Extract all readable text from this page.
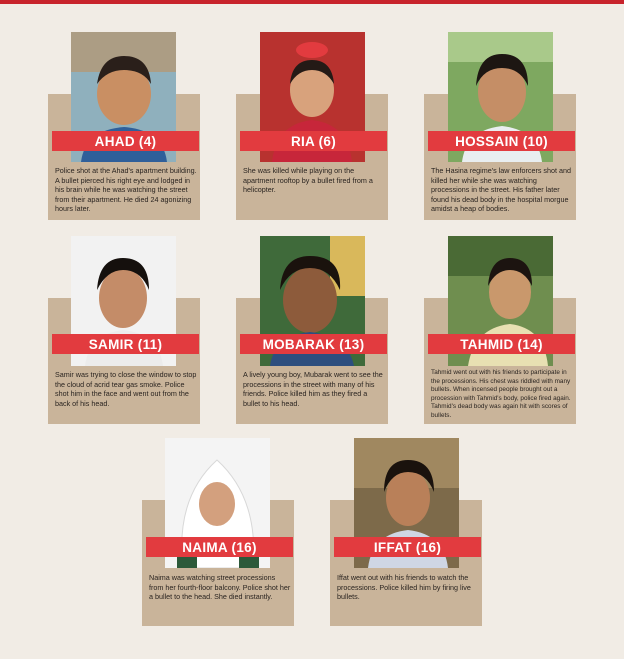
AHAD (4)
Police shot at the Ahad's apartment building. A bullet pierced his right eye and lodged in his brain while he was watching the street from their apartment. He died 24 agonizing hours later.
RIA (6)
She was killed while playing on the apartment rooftop by a bullet fired from a helicopter.
HOSSAIN (10)
The Hasina regime's law enforcers shot and killed her while she was watching processions in the street. His father later found his dead body in the hospital morgue amidst a heap of bodies.
SAMIR (11)
Samir was trying to close the window to stop the cloud of acrid tear gas smoke. Police shot him in the face and went out from the back of his head.
MOBARAK (13)
A lively young boy, Mubarak went to see the processions in the street with many of his friends. Police killed him as they fired a bullet to his head.
TAHMID (14)
Tahmid went out with his friends to participate in the processions. His chest was riddled with many bullets. When incensed people brought out a procession with Tahmid's body, police fired again. Tahmid's dead body was again hit with scores of bullets.
NAIMA (16)
Naima was watching street processions from her fourth-floor balcony. Police shot her a bullet to the head. She died instantly.
IFFAT (16)
Iffat went out with his friends to watch the processions. Police killed him by firing live bullets.
